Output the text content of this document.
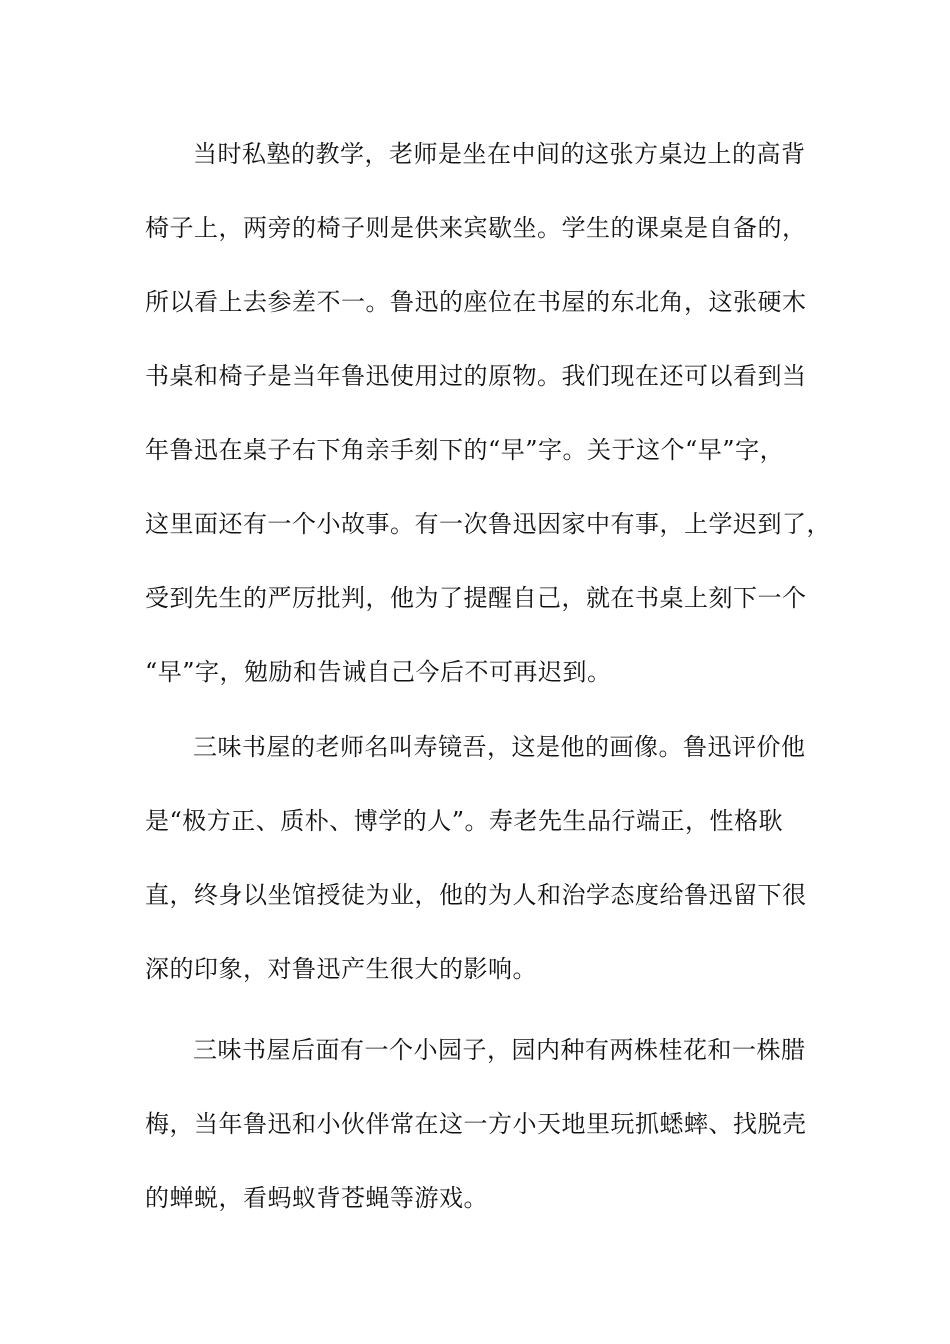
当时私塾的教学，老师是坐在中间的这张方桌边上的高背
椅子上，两旁的椅子则是供来宾歇坐。学生的课桌是自备的，
所以看上去参差不一。鲁迅的座位在书屋的东北角，这张硬木
书桌和椅子是当年鲁迅使用过的原物。我们现在还可以看到当
年鲁迅在桌子右下角亲手刻下的“早”字。关于这个“早”字，
这里面还有一个小故事。有一次鲁迅因家中有事，上学迟到了，
受到先生的严厉批判，他为了提醒自己，就在书桌上刻下一个
“早”字，勉励和告诫自己今后不可再迟到。

三味书屋的老师名叫寿镜吾，这是他的画像。鲁迅评价他
是“极方正、质朴、博学的人”。寿老先生品行端正，性格耿
直，终身以坐馆授徒为业，他的为人和治学态度给鲁迅留下很
深的印象，对鲁迅产生很大的影响。

三味书屋后面有一个小园子，园内种有两株桂花和一株腊
梅，当年鲁迅和小伙伴常在这一方小天地里玩抓蟋蟀、找脱壳
的蝉蜕，看蚂蚁背苍蝇等游戏。
